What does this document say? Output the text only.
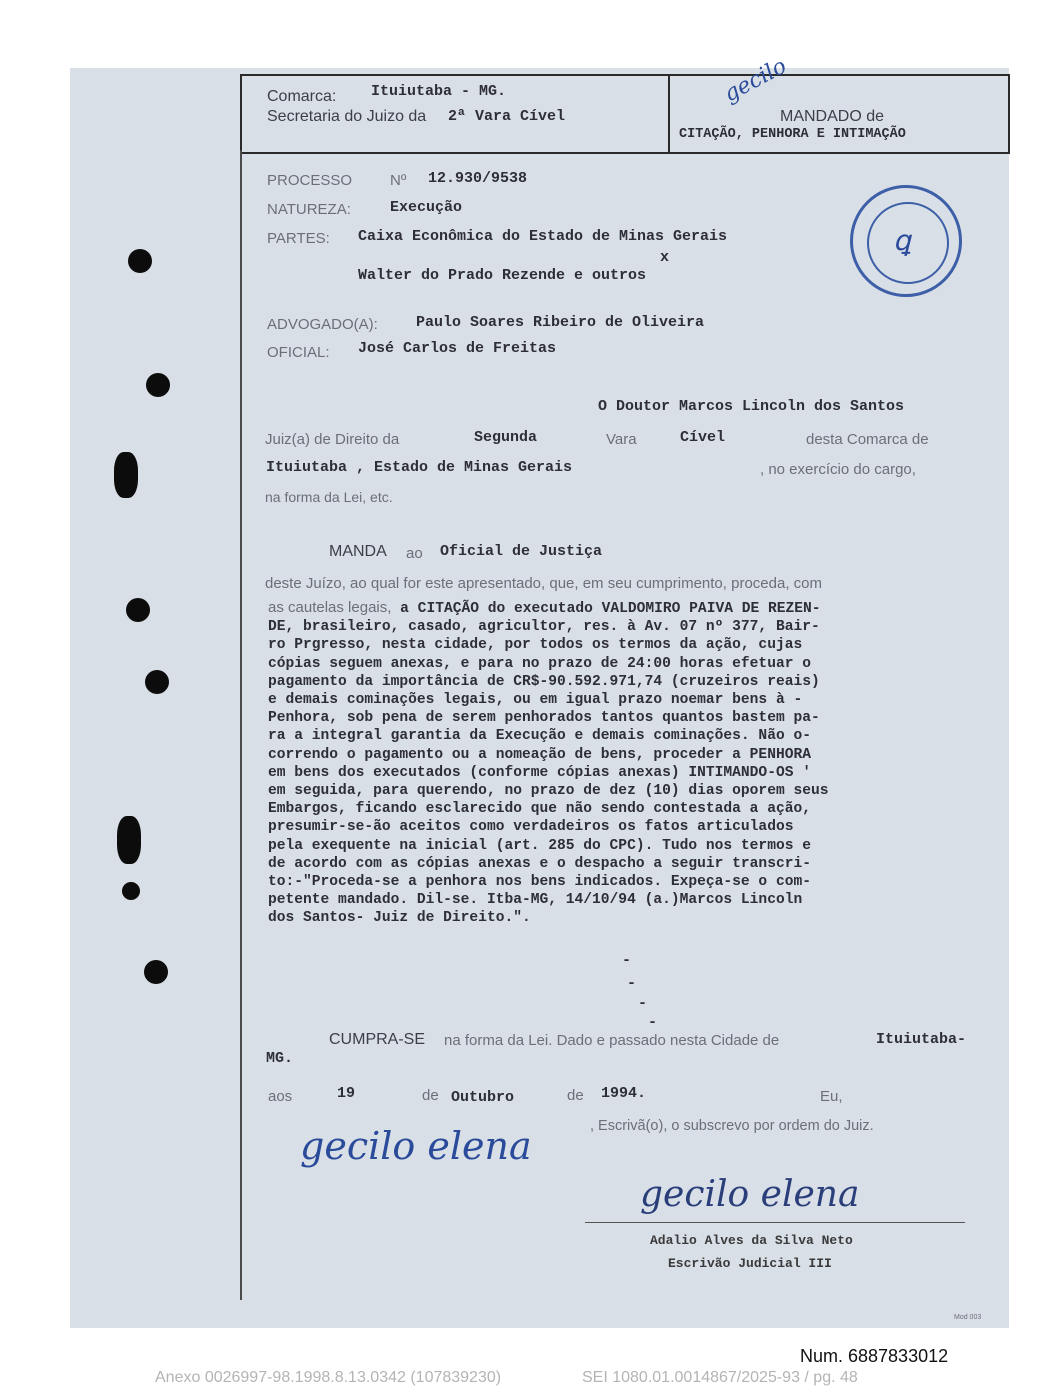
Comarca: Ituiutaba - MG.
Secretaria do Juizo da 2ª Vara Cível	MANDADO de
CITAÇÃO, PENHORA E INTIMAÇÃO
PROCESSO	Nº 12.930/9538
NATUREZA:	Execução
PARTES: Caixa Econômica do Estado de Minas Gerais
x
Walter do Prado Rezende e outros
ADVOGADO(A):	Paulo Soares Ribeiro de Oliveira
OFICIAL: José Carlos de Freitas
ꝗ
O Doutor Marcos Lincoln dos Santos
Juiz(a) de Direito da	Segunda	Vara	Cível	desta Comarca de
Ituiutaba , Estado de Minas Gerais	, no exercício do cargo,
na forma da Lei, etc.
MANDA ao Oficial de Justiça
deste Juízo, ao qual for este apresentado, que, em seu cumprimento, proceda, com
as cautelas legais, a CITAÇÃO do executado VALDOMIRO PAIVA DE REZEN-
DE, brasileiro, casado, agricultor, res. à Av. 07 nº 377, Bair-
ro Prgresso, nesta cidade, por todos os termos da ação, cujas
cópias seguem anexas, e para no prazo de 24:00 horas efetuar o
pagamento da importância de CR$-90.592.971,74 (cruzeiros reais)
e demais cominações legais, ou em igual prazo noemar bens à -
Penhora, sob pena de serem penhorados tantos quantos bastem pa-
ra a integral garantia da Execução e demais cominações. Não o-
correndo o pagamento ou a nomeação de bens, proceder a PENHORA
em bens dos executados (conforme cópias anexas) INTIMANDO-OS '
em seguida, para querendo, no prazo de dez (10) dias oporem seus
Embargos, ficando esclarecido que não sendo contestada a ação,
presumir-se-ão aceitos como verdadeiros os fatos articulados
pela exequente na inicial (art. 285 do CPC). Tudo nos termos e
de acordo com as cópias anexas e o despacho a seguir transcri-
to:-"Proceda-se a penhora nos bens indicados. Expeça-se o com-
petente mandado. Dil-se. Itba-MG, 14/10/94 (a.)Marcos Lincoln
dos Santos- Juiz de Direito.".
-
-
-
-
CUMPRA-SE na forma da Lei. Dado e passado nesta Cidade de	Ituiutaba-
MG.
aos	19	de Outubro	de 1994.	Eu,
, Escrivã(o), o subscrevo por ordem do Juiz.
gecilo elena
gecilo elena
gecilo
Adalio Alves da Silva Neto
Escrivão Judicial III
Mod 003
Num. 6887833012
Anexo 0026997-98.1998.8.13.0342 (107839230)	SEI 1080.01.0014867/2025-93 / pg. 48
